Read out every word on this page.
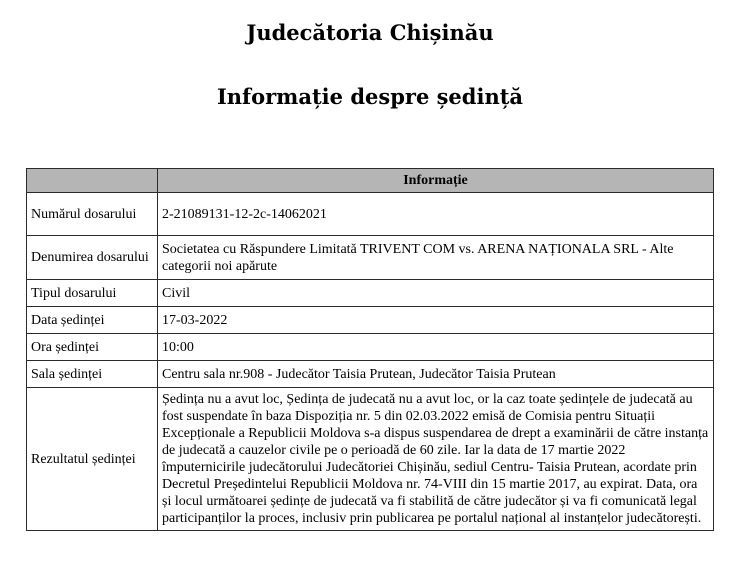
Judecătoria Chișinău
Informație despre ședință
	Informație
Numărul dosarului	2-21089131-12-2c-14062021
Denumirea dosarului	Societatea cu Răspundere Limitată TRIVENT COM vs. ARENA NAȚIONALA SRL - Alte categorii noi apărute
Tipul dosarului	Civil
Data ședinței	17-03-2022
Ora ședinței	10:00
Sala ședinței	Centru sala nr.908 - Judecător Taisia Prutean, Judecător Taisia Prutean
Rezultatul ședinței	Ședința nu a avut loc, Ședința de judecată nu a avut loc, or la caz toate ședințele de judecată au fost suspendate în baza Dispoziția nr. 5 din 02.03.2022 emisă de Comisia pentru Situații Excepționale a Republicii Moldova s-a dispus suspendarea de drept a examinării de către instanța de judecată a cauzelor civile pe o perioadă de 60 zile. Iar la data de 17 martie 2022 împuternicirile judecătorului Judecătoriei Chișinău, sediul Centru- Taisia Prutean, acordate prin Decretul Președintelui Republicii Moldova nr. 74-VIII din 15 martie 2017, au expirat. Data, ora și locul următoarei ședințe de judecată va fi stabilită de către judecător și va fi comunicată legal participanților la proces, inclusiv prin publicarea pe portalul național al instanțelor judecătorești.
